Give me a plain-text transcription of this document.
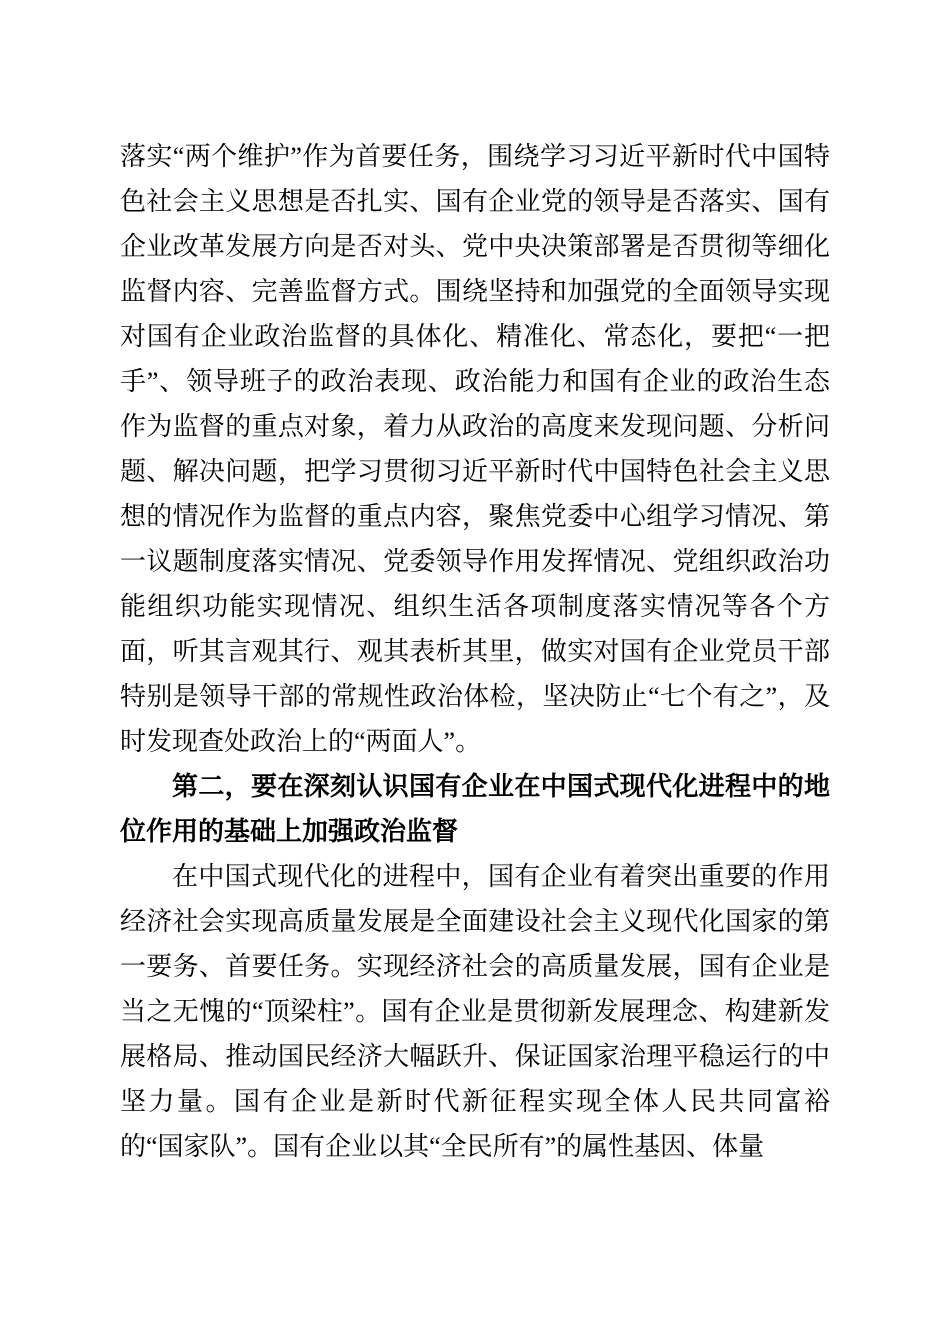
落实“两个维护”作为首要任务，围绕学习习近平新时代中国特色社会主义思想是否扎实、国有企业党的领导是否落实、国有企业改革发展方向是否对头、党中央决策部署是否贯彻等细化监督内容、完善监督方式。围绕坚持和加强党的全面领导实现对国有企业政治监督的具体化、精准化、常态化，要把“一把手”、领导班子的政治表现、政治能力和国有企业的政治生态作为监督的重点对象，着力从政治的高度来发现问题、分析问题、解决问题，把学习贯彻习近平新时代中国特色社会主义思想的情况作为监督的重点内容，聚焦党委中心组学习情况、第一议题制度落实情况、党委领导作用发挥情况、党组织政治功能组织功能实现情况、组织生活各项制度落实情况等各个方面，听其言观其行、观其表析其里，做实对国有企业党员干部特别是领导干部的常规性政治体检，坚决防止“七个有之”，及时发现查处政治上的“两面人”。

第二，要在深刻认识国有企业在中国式现代化进程中的地位作用的基础上加强政治监督

在中国式现代化的进程中，国有企业有着突出重要的作用经济社会实现高质量发展是全面建设社会主义现代化国家的第一要务、首要任务。实现经济社会的高质量发展，国有企业是当之无愧的“顶梁柱”。国有企业是贯彻新发展理念、构建新发展格局、推动国民经济大幅跃升、保证国家治理平稳运行的中坚力量。国有企业是新时代新征程实现全体人民共同富裕的“国家队”。国有企业以其“全民所有”的属性基因、体量
